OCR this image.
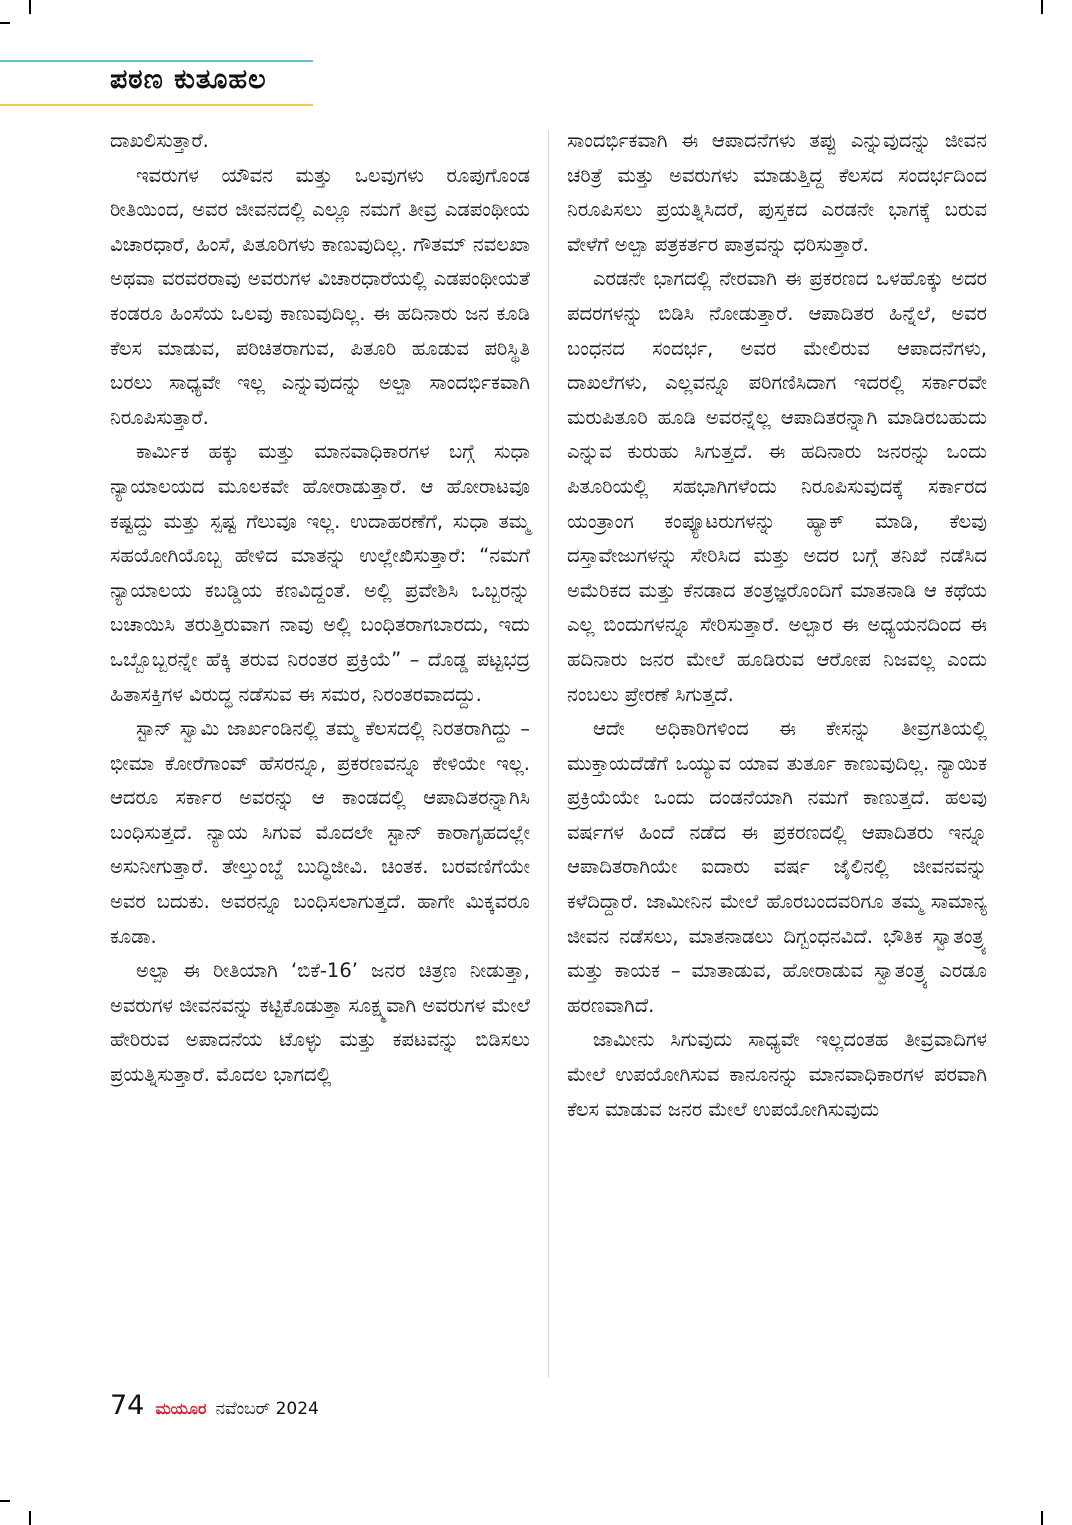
ಪಠಣ ಕುತೂಹಲ

ದಾಖಲಿಸುತ್ತಾರೆ.

ಇವರುಗಳ ಯೌವನ ಮತ್ತು ಒಲವುಗಳು ರೂಪುಗೊಂಡ ರೀತಿಯಿಂದ, ಅವರ ಜೀವನದಲ್ಲಿ ಎಲ್ಲೂ ನಮಗೆ ತೀವ್ರ ಎಡಪಂಥೀಯ ವಿಚಾರಧಾರೆ, ಹಿಂಸೆ, ಪಿತೂರಿಗಳು ಕಾಣುವುದಿಲ್ಲ. ಗೌತಮ್ ನವಲಖಾ ಅಥವಾ ವರವರರಾವು ಅವರುಗಳ ವಿಚಾರಧಾರೆಯಲ್ಲಿ ಎಡಪಂಥೀಯತೆ ಕಂಡರೂ ಹಿಂಸೆಯ ಒಲವು ಕಾಣುವುದಿಲ್ಲ. ಈ ಹದಿನಾರು ಜನ ಕೂಡಿ ಕೆಲಸ ಮಾಡುವ, ಪರಿಚಿತರಾಗುವ, ಪಿತೂರಿ ಹೂಡುವ ಪರಿಸ್ಥಿತಿ ಬರಲು ಸಾಧ್ಯವೇ ಇಲ್ಲ ಎನ್ನುವುದನ್ನು ಅಲ್ಪಾ ಸಾಂದರ್ಭಿಕವಾಗಿ ನಿರೂಪಿಸುತ್ತಾರೆ.

ಕಾರ್ಮಿಕ ಹಕ್ಕು ಮತ್ತು ಮಾನವಾಧಿಕಾರಗಳ ಬಗ್ಗೆ ಸುಧಾ ನ್ಯಾಯಾಲಯದ ಮೂಲಕವೇ ಹೋರಾಡುತ್ತಾರೆ. ಆ ಹೋರಾಟವೂ ಕಷ್ಟದ್ದು ಮತ್ತು ಸ್ಪಷ್ಟ ಗೆಲುವೂ ಇಲ್ಲ. ಉದಾಹರಣೆಗೆ, ಸುಧಾ ತಮ್ಮ ಸಹಯೋಗಿಯೊಬ್ಬ ಹೇಳಿದ ಮಾತನ್ನು ಉಲ್ಲೇಖಿಸುತ್ತಾರೆ: “ನಮಗೆ ನ್ಯಾಯಾಲಯ ಕಬಡ್ಡಿಯ ಕಣವಿದ್ದಂತೆ. ಅಲ್ಲಿ ಪ್ರವೇಶಿಸಿ ಒಬ್ಬರನ್ನು ಬಚಾಯಿಸಿ ತರುತ್ತಿರುವಾಗ ನಾವು ಅಲ್ಲಿ ಬಂಧಿತರಾಗಬಾರದು, ಇದು ಒಬ್ಬೊಬ್ಬರನ್ನೇ ಹೆಕ್ಕಿ ತರುವ ನಿರಂತರ ಪ್ರಕ್ರಿಯೆ” – ದೊಡ್ಡ ಪಟ್ಟಭದ್ರ ಹಿತಾಸಕ್ತಿಗಳ ವಿರುದ್ಧ ನಡೆಸುವ ಈ ಸಮರ, ನಿರಂತರವಾದದ್ದು.

ಸ್ಟಾನ್ ಸ್ವಾಮಿ ಜಾರ್ಖಂಡಿನಲ್ಲಿ ತಮ್ಮ ಕೆಲಸದಲ್ಲಿ ನಿರತರಾಗಿದ್ದು – ಭೀಮಾ ಕೋರೆಗಾಂವ್ ಹೆಸರನ್ನೂ, ಪ್ರಕರಣವನ್ನೂ ಕೇಳಿಯೇ ಇಲ್ಲ. ಆದರೂ ಸರ್ಕಾರ ಅವರನ್ನು ಆ ಕಾಂಡದಲ್ಲಿ ಆಪಾದಿತರನ್ನಾಗಿಸಿ ಬಂಧಿಸುತ್ತದೆ. ನ್ಯಾಯ ಸಿಗುವ ಮೊದಲೇ ಸ್ಟಾನ್ ಕಾರಾಗೃಹದಲ್ಲೇ ಅಸುನೀಗುತ್ತಾರೆ. ತೇಲ್ತುಂಬ್ಡೆ ಬುದ್ಧಿಜೀವಿ. ಚಿಂತಕ. ಬರವಣಿಗೆಯೇ ಅವರ ಬದುಕು. ಅವರನ್ನೂ ಬಂಧಿಸಲಾಗುತ್ತದೆ. ಹಾಗೇ ಮಿಕ್ಕವರೂ ಕೂಡಾ.

ಅಲ್ಪಾ ಈ ರೀತಿಯಾಗಿ ‘ಬಿಕೆ-16’ ಜನರ ಚಿತ್ರಣ ನೀಡುತ್ತಾ, ಅವರುಗಳ ಜೀವನವನ್ನು ಕಟ್ಟಿಕೊಡುತ್ತಾ ಸೂಕ್ಷ್ಮವಾಗಿ ಅವರುಗಳ ಮೇಲೆ ಹೇರಿರುವ ಅಪಾದನೆಯ ಟೊಳ್ಳು ಮತ್ತು ಕಪಟವನ್ನು ಬಿಡಿಸಲು ಪ್ರಯತ್ನಿಸುತ್ತಾರೆ. ಮೊದಲ ಭಾಗದಲ್ಲಿ

ಸಾಂದರ್ಭಿಕವಾಗಿ ಈ ಆಪಾದನೆಗಳು ತಪ್ಪು ಎನ್ನುವುದನ್ನು ಜೀವನ ಚರಿತ್ರೆ ಮತ್ತು ಅವರುಗಳು ಮಾಡುತ್ತಿದ್ದ ಕೆಲಸದ ಸಂದರ್ಭದಿಂದ ನಿರೂಪಿಸಲು ಪ್ರಯತ್ನಿಸಿದರೆ, ಪುಸ್ತಕದ ಎರಡನೇ ಭಾಗಕ್ಕೆ ಬರುವ ವೇಳೆಗೆ ಅಲ್ಪಾ ಪತ್ರಕರ್ತರ ಪಾತ್ರವನ್ನು ಧರಿಸುತ್ತಾರೆ.

ಎರಡನೇ ಭಾಗದಲ್ಲಿ ನೇರವಾಗಿ ಈ ಪ್ರಕರಣದ ಒಳಹೊಕ್ಕು ಅದರ ಪದರಗಳನ್ನು ಬಿಡಿಸಿ ನೋಡುತ್ತಾರೆ. ಆಪಾದಿತರ ಹಿನ್ನೆಲೆ, ಅವರ ಬಂಧನದ ಸಂದರ್ಭ, ಅವರ ಮೇಲಿರುವ ಆಪಾದನೆಗಳು, ದಾಖಲೆಗಳು, ಎಲ್ಲವನ್ನೂ ಪರಿಗಣಿಸಿದಾಗ ಇದರಲ್ಲಿ ಸರ್ಕಾರವೇ ಮರುಪಿತೂರಿ ಹೂಡಿ ಅವರನ್ನೆಲ್ಲ ಆಪಾದಿತರನ್ನಾಗಿ ಮಾಡಿರಬಹುದು ಎನ್ನುವ ಕುರುಹು ಸಿಗುತ್ತದೆ. ಈ ಹದಿನಾರು ಜನರನ್ನು ಒಂದು ಪಿತೂರಿಯಲ್ಲಿ ಸಹಭಾಗಿಗಳೆಂದು ನಿರೂಪಿಸುವುದಕ್ಕೆ ಸರ್ಕಾರದ ಯಂತ್ರಾಂಗ ಕಂಪ್ಯೂಟರುಗಳನ್ನು ಹ್ಯಾಕ್ ಮಾಡಿ, ಕೆಲವು ದಸ್ತಾವೇಜುಗಳನ್ನು ಸೇರಿಸಿದ ಮತ್ತು ಅದರ ಬಗ್ಗೆ ತನಿಖೆ ನಡೆಸಿದ ಅಮೆರಿಕದ ಮತ್ತು ಕೆನಡಾದ ತಂತ್ರಜ್ಞರೊಂದಿಗೆ ಮಾತನಾಡಿ ಆ ಕಥೆಯ ಎಲ್ಲ ಬಿಂದುಗಳನ್ನೂ ಸೇರಿಸುತ್ತಾರೆ. ಅಲ್ಪಾರ ಈ ಅಧ್ಯಯನದಿಂದ ಈ ಹದಿನಾರು ಜನರ ಮೇಲೆ ಹೂಡಿರುವ ಆರೋಪ ನಿಜವಲ್ಲ ಎಂದು ನಂಬಲು ಪ್ರೇರಣೆ ಸಿಗುತ್ತದೆ.

ಆದೇ ಅಧಿಕಾರಿಗಳಿಂದ ಈ ಕೇಸನ್ನು ತೀವ್ರಗತಿಯಲ್ಲಿ ಮುಕ್ತಾಯದೆಡೆಗೆ ಒಯ್ಯುವ ಯಾವ ತುರ್ತೂ ಕಾಣುವುದಿಲ್ಲ. ನ್ಯಾಯಿಕ ಪ್ರಕ್ರಿಯೆಯೇ ಒಂದು ದಂಡನೆಯಾಗಿ ನಮಗೆ ಕಾಣುತ್ತದೆ. ಹಲವು ವರ್ಷಗಳ ಹಿಂದೆ ನಡೆದ ಈ ಪ್ರಕರಣದಲ್ಲಿ ಆಪಾದಿತರು ಇನ್ನೂ ಆಪಾದಿತರಾಗಿಯೇ ಐದಾರು ವರ್ಷ ಜೈಲಿನಲ್ಲಿ ಜೀವನವನ್ನು ಕಳೆದಿದ್ದಾರೆ. ಜಾಮೀನಿನ ಮೇಲೆ ಹೊರಬಂದವರಿಗೂ ತಮ್ಮ ಸಾಮಾನ್ಯ ಜೀವನ ನಡೆಸಲು, ಮಾತನಾಡಲು ದಿಗ್ಬಂಧನವಿದೆ. ಭೌತಿಕ ಸ್ವಾತಂತ್ರ್ಯ ಮತ್ತು ಕಾಯಕ – ಮಾತಾಡುವ, ಹೋರಾಡುವ ಸ್ವಾತಂತ್ರ್ಯ ಎರಡೂ ಹರಣವಾಗಿದೆ.

ಜಾಮೀನು ಸಿಗುವುದು ಸಾಧ್ಯವೇ ಇಲ್ಲದಂತಹ ತೀವ್ರವಾದಿಗಳ ಮೇಲೆ ಉಪಯೋಗಿಸುವ ಕಾನೂನನ್ನು ಮಾನವಾಧಿಕಾರಗಳ ಪರವಾಗಿ ಕೆಲಸ ಮಾಡುವ ಜನರ ಮೇಲೆ ಉಪಯೋಗಿಸುವುದು

74 ಮಯೂರ ನವೆಂಬರ್ 2024
